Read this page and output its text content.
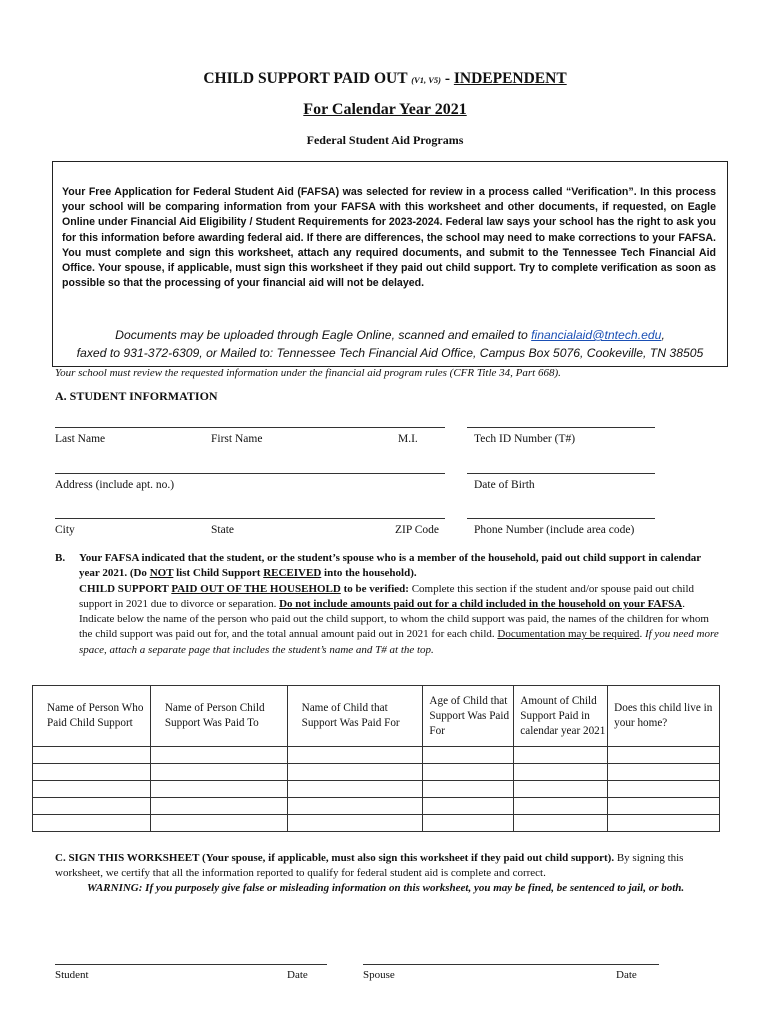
CHILD SUPPORT PAID OUT (V1, V5) - INDEPENDENT
For Calendar Year 2021
Federal Student Aid Programs
Your Free Application for Federal Student Aid (FAFSA) was selected for review in a process called “Verification”. In this process your school will be comparing information from your FAFSA with this worksheet and other documents, if requested, on Eagle Online under Financial Aid Eligibility / Student Requirements for 2023-2024. Federal law says your school has the right to ask you for this information before awarding federal aid. If there are differences, the school may need to make corrections to your FAFSA. You must complete and sign this worksheet, attach any required documents, and submit to the Tennessee Tech Financial Aid Office. Your spouse, if applicable, must sign this worksheet if they paid out child support. Try to complete verification as soon as possible so that the processing of your financial aid will not be delayed.
Documents may be uploaded through Eagle Online, scanned and emailed to financialaid@tntech.edu,
faxed to 931-372-6309, or Mailed to: Tennessee Tech Financial Aid Office, Campus Box 5076, Cookeville, TN 38505
Your school must review the requested information under the financial aid program rules (CFR Title 34, Part 668).
A. STUDENT INFORMATION
Last Name	First Name	M.I.	Tech ID Number (T#)
Address (include apt. no.)	Date of Birth
City	State	ZIP Code	Phone Number (include area code)
B. Your FAFSA indicated that the student, or the student’s spouse who is a member of the household, paid out child support in calendar year 2021. (Do NOT list Child Support RECEIVED into the household).
CHILD SUPPORT PAID OUT OF THE HOUSEHOLD to be verified: Complete this section if the student and/or spouse paid out child support in 2021 due to divorce or separation. Do not include amounts paid out for a child included in the household on your FAFSA. Indicate below the name of the person who paid out the child support, to whom the child support was paid, the names of the children for whom the child support was paid out for, and the total annual amount paid out in 2021 for each child. Documentation may be required. If you need more space, attach a separate page that includes the student’s name and T# at the top.
Name of Person Who Paid Child Support	Name of Person Child Support Was Paid To	Name of Child that Support Was Paid For	Age of Child that Support Was Paid For	Amount of Child Support Paid in calendar year 2021	Does this child live in your home?

C. SIGN THIS WORKSHEET (Your spouse, if applicable, must also sign this worksheet if they paid out child support). By signing this worksheet, we certify that all the information reported to qualify for federal student aid is complete and correct.
WARNING: If you purposely give false or misleading information on this worksheet, you may be fined, be sentenced to jail, or both.
Student	Date	Spouse	Date
